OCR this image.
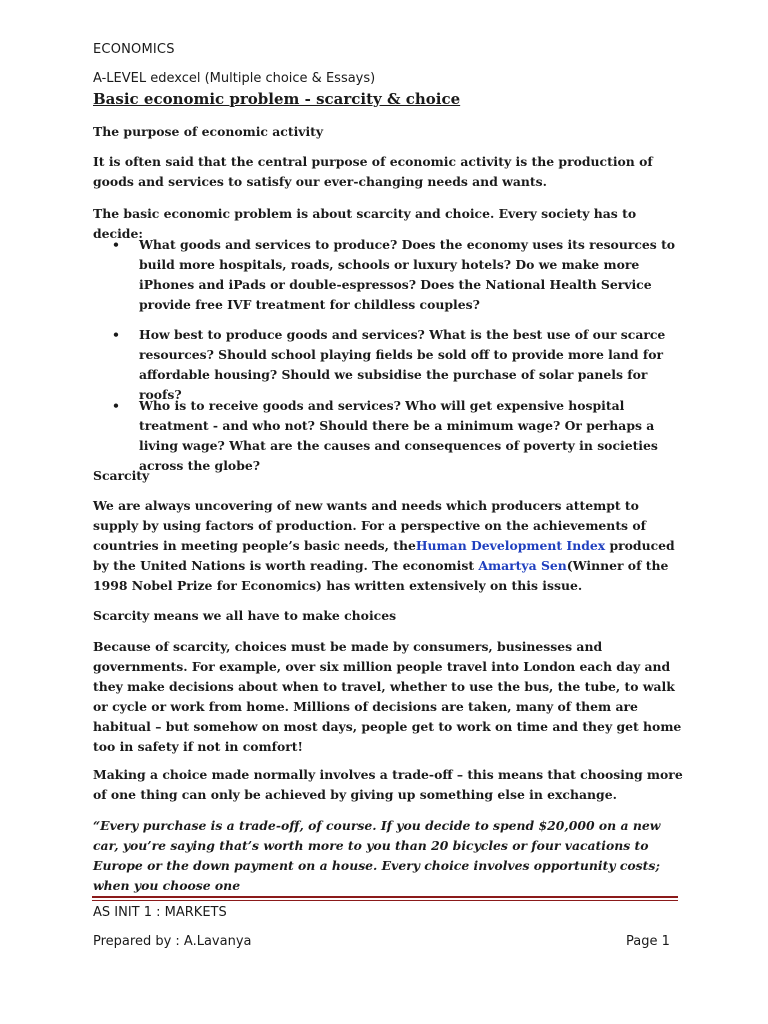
ECONOMICS
A-LEVEL edexcel (Multiple choice & Essays)
Basic economic problem - scarcity & choice
The purpose of economic activity
It is often said that the central purpose of economic activity is the production of goods and services to satisfy our ever-changing needs and wants.
The basic economic problem is about scarcity and choice. Every society has to decide:
• What goods and services to produce? Does the economy uses its resources to build more hospitals, roads, schools or luxury hotels? Do we make more iPhones and iPads or double-espressos? Does the National Health Service provide free IVF treatment for childless couples?
• How best to produce goods and services? What is the best use of our scarce resources? Should school playing fields be sold off to provide more land for affordable housing? Should we subsidise the purchase of solar panels for roofs?
• Who is to receive goods and services? Who will get expensive hospital treatment - and who not? Should there be a minimum wage? Or perhaps a living wage? What are the causes and consequences of poverty in societies across the globe?
Scarcity
We are always uncovering of new wants and needs which producers attempt to supply by using factors of production. For a perspective on the achievements of countries in meeting people’s basic needs, theHuman Development Index produced by the United Nations is worth reading. The economist Amartya Sen(Winner of the 1998 Nobel Prize for Economics) has written extensively on this issue.
Scarcity means we all have to make choices
Because of scarcity, choices must be made by consumers, businesses and governments. For example, over six million people travel into London each day and they make decisions about when to travel, whether to use the bus, the tube, to walk or cycle or work from home. Millions of decisions are taken, many of them are habitual – but somehow on most days, people get to work on time and they get home too in safety if not in comfort!
Making a choice made normally involves a trade-off – this means that choosing more of one thing can only be achieved by giving up something else in exchange.
“Every purchase is a trade-off, of course. If you decide to spend $20,000 on a new car, you’re saying that’s worth more to you than 20 bicycles or four vacations to Europe or the down payment on a house. Every choice involves opportunity costs; when you choose one
AS INIT 1 : MARKETS
Prepared by : A.Lavanya	Page 1
